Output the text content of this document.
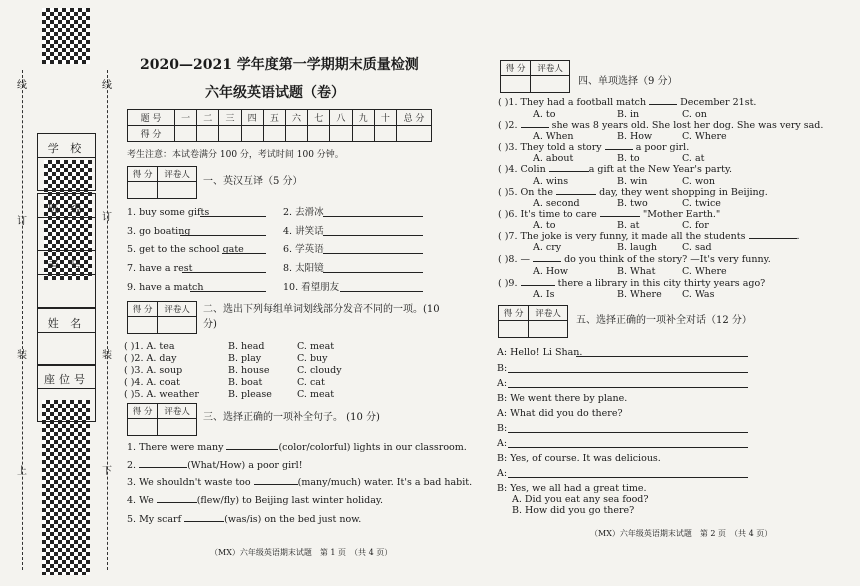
线	线
订	订
装	装
上	下
学 校
班 级
考 号
姓 名
座位号
2020—2021 学年度第一学期期末质量检测
六年级英语试题（卷）
题 号	一	二	三	四	五	六	七	八	九	十	总 分
得 分											
考生注意：本试卷满分 100 分，考试时间 100 分钟。
得 分	评卷人

一、英汉互译（5 分）
1. buy some gifts	2. 去滑冰
3. go boating	4. 讲笑话
5. get to the school gate	6. 学英语
7. have a rest	8. 太阳镜
9. have a match	10. 看望朋友
得 分	评卷人
	二、选出下列每组单词划线部分发音不同的一项。(10
分)
( )1. A. tea	B. head	C. meat
( )2. A. day	B. play	C. buy
( )3. A. soup	B. house	C. cloudy
( )4. A. coat	B. boat	C. cat
( )5. A. weather	B. please	C. meat
得 分	评卷人
	三、选择正确的一项补全句子。 (10 分)
1. There were many	(color/colorful) lights in our classroom.
2.	(What/How) a poor girl!
3. We shouldn't waste too	(many/much) water. It's a bad habit.
4. We	(flew/fly) to Beijing last winter holiday.
5. My scarf	(was/is) on the bed just now.
（MX）六年级英语期末试题　第 1 页　（共 4 页）
得 分	评卷人

四、单项选择（9 分）
( )1. They had a football match	December 21st.
A. to	B. in	C. on
( )2.	she was 8 years old. She lost her dog. She was very sad.
A. When	B. How	C. Where
( )3. They told a story	a poor girl.
A. about	B. to	C. at
( )4. Colin	a gift at the New Year's party.
A. wins	B. win	C. won
( )5. On the	day, they went shopping in Beijing.
A. second	B. two	C. twice
( )6. It's time to care	"Mother Earth."
A. to	B. at	C. for
( )7. The joke is very funny, it made all the students	.
A. cry	B. laugh	C. sad
( )8. —	do you think of the story? —It's very funny.
A. How	B. What	C. Where
( )9.	there a library in this city thirty years ago?
A. Is	B. Where C. Was
得 分	评卷人

五、选择正确的一项补全对话（12 分）
A: Hello! Li Shan.
B:
A:
B: We went there by plane.
A: What did you do there?
B:
A:
B: Yes, of course. It was delicious.
A:
B: Yes, we all had a great time.
A. Did you eat any sea food?
B. How did you go there?
（MX）六年级英语期末试题　第 2 页　（共 4 页）
